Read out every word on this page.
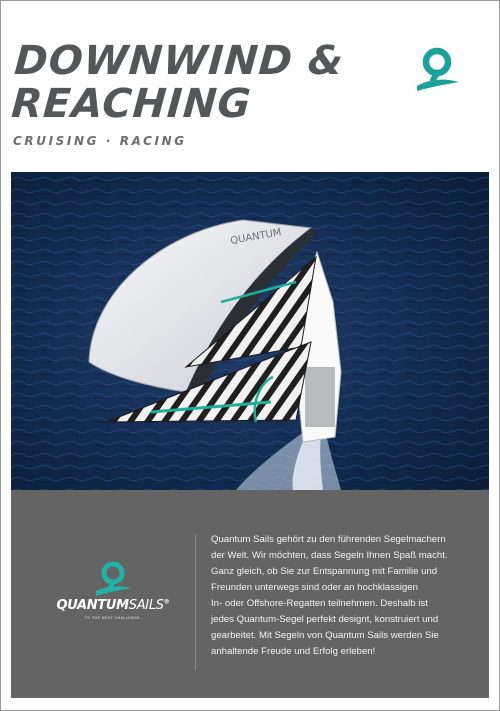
DOWNWIND &
REACHING
CRUISING · RACING
QUANTUM
QUANTUMSAILS®
TO THE NEXT CHALLENGE.

Quantum Sails gehört zu den führenden Segelmachern
der Welt. Wir möchten, dass Segeln Ihnen Spaß macht.
Ganz gleich, ob Sie zur Entspannung mit Familie und
Freunden unterwegs sind oder an hochklassigen
In- oder Offshore-Regatten teilnehmen. Deshalb ist
jedes Quantum-Segel perfekt designt, konstruiert und
gearbeitet. Mit Segeln von Quantum Sails werden Sie
anhaltende Freude und Erfolg erleben!
